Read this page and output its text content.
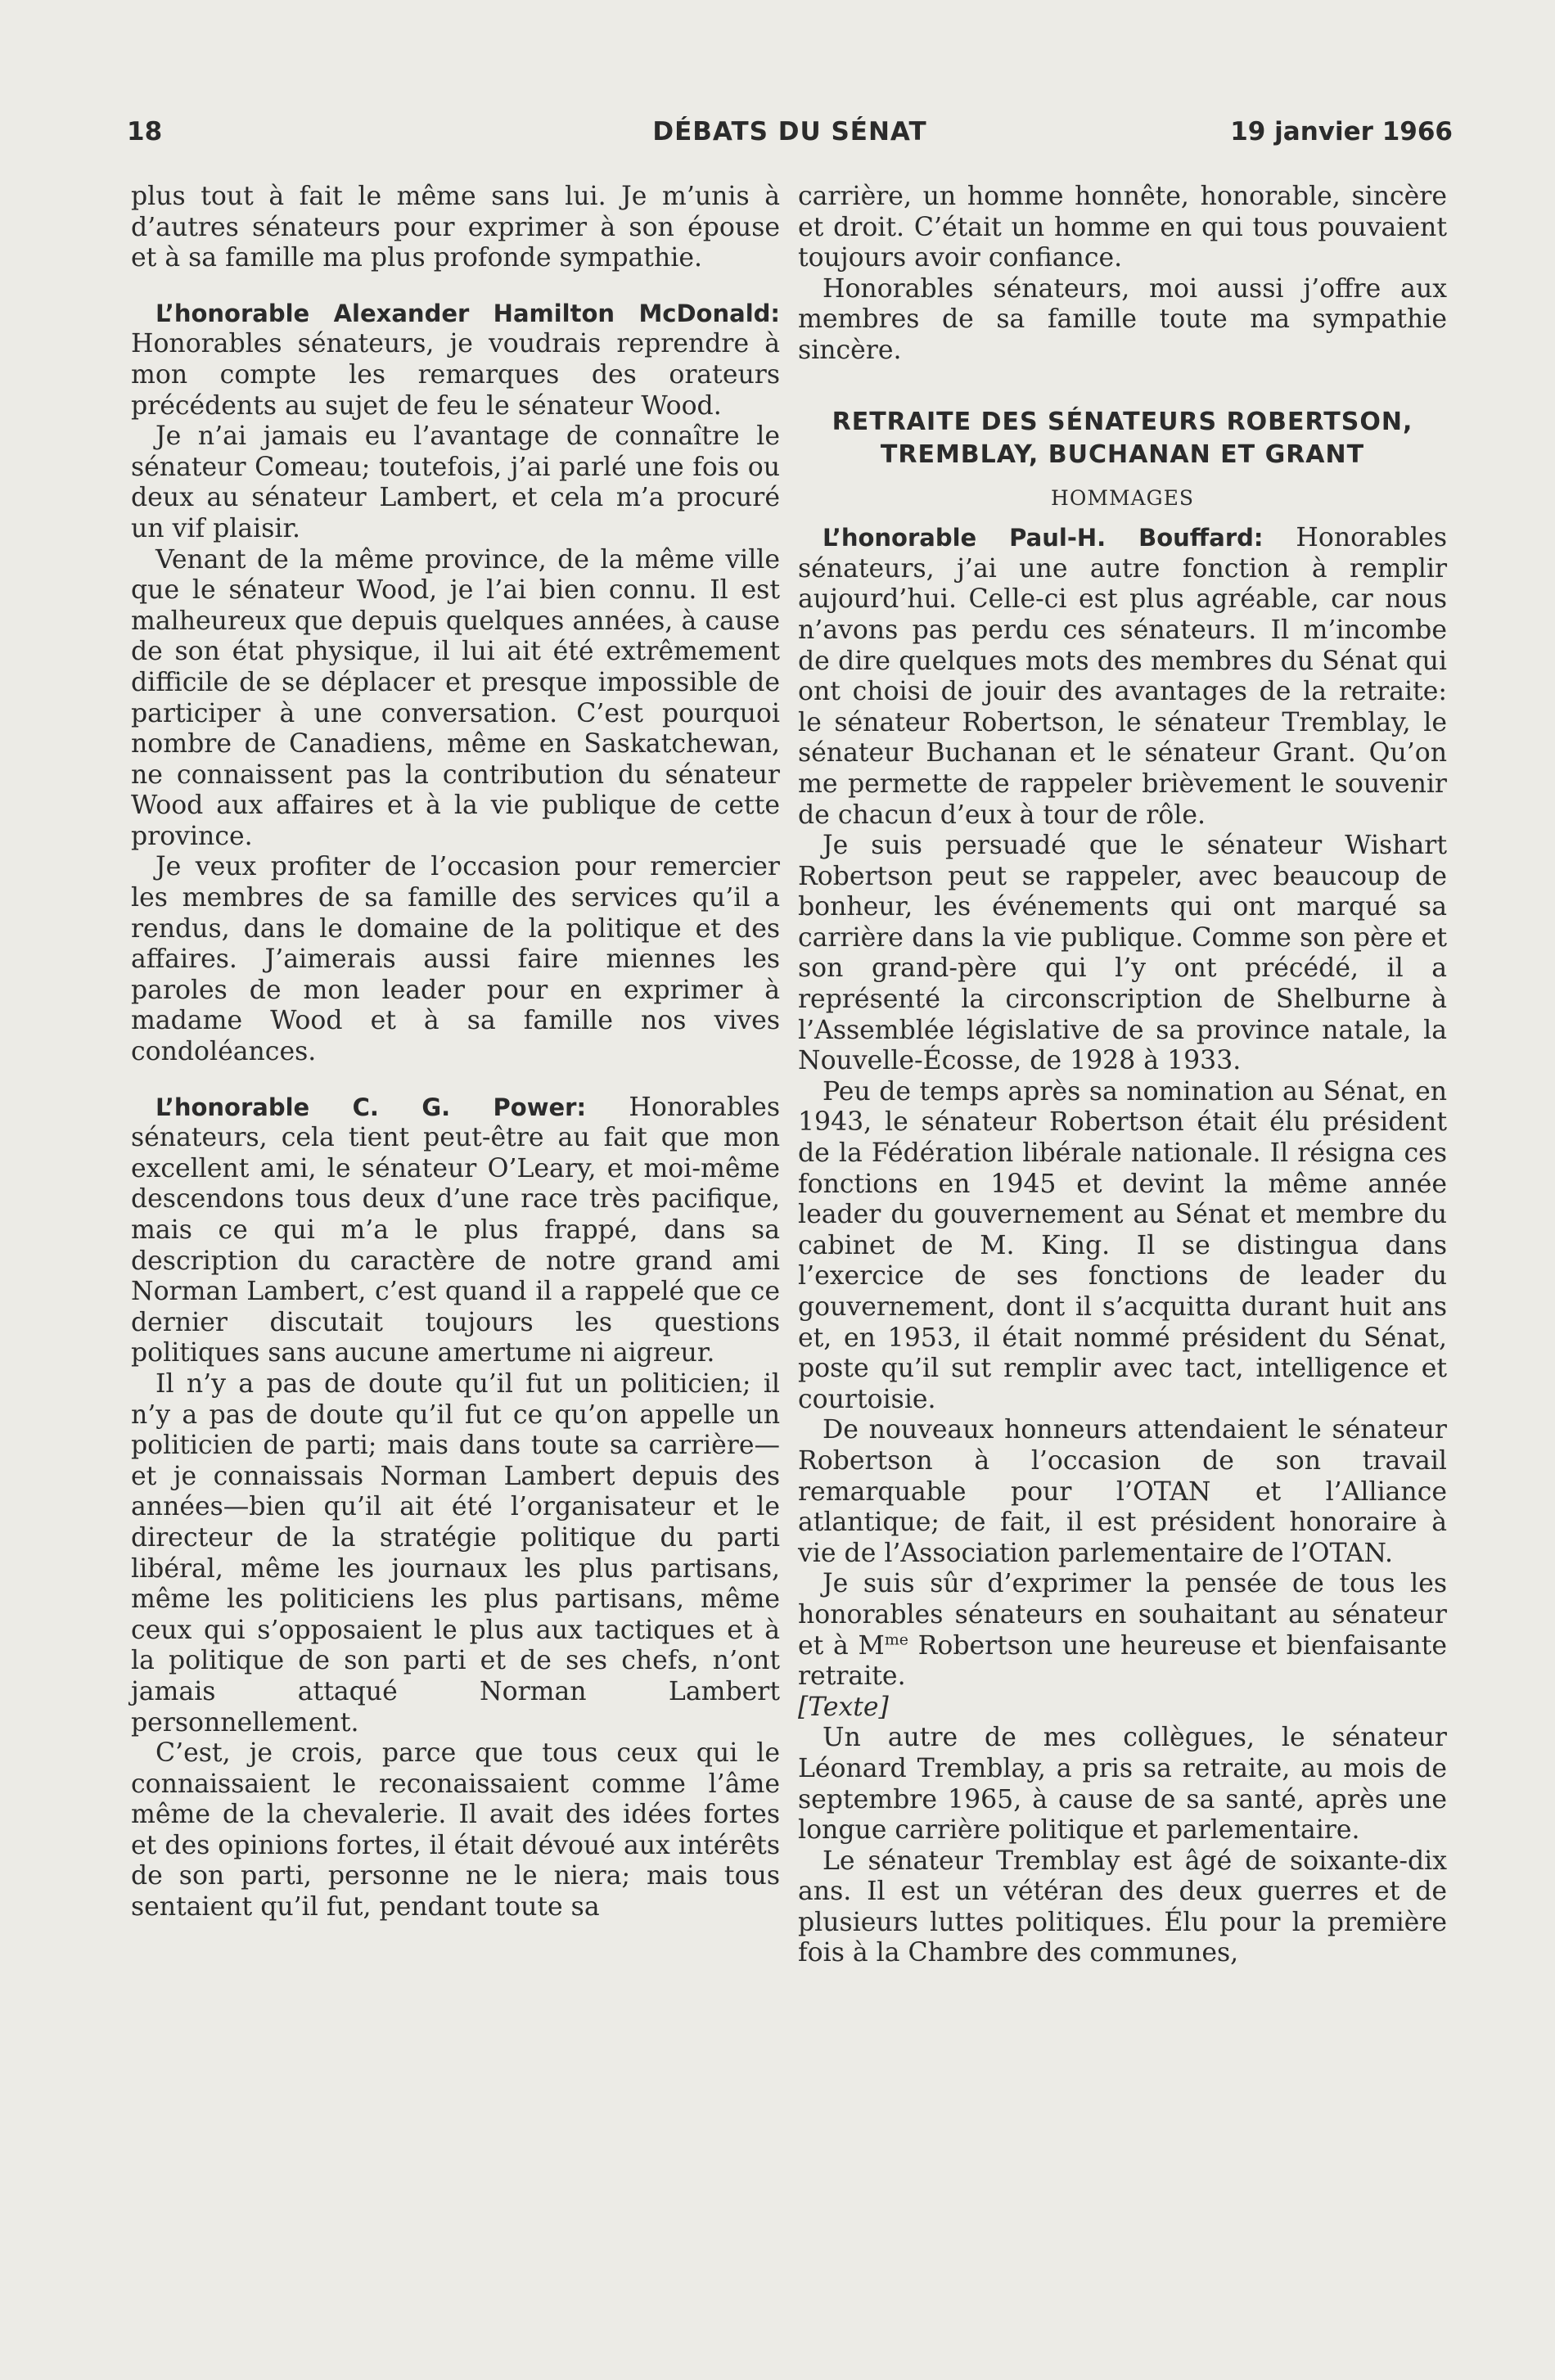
18	DÉBATS DU SÉNAT	19 janvier 1966

plus tout à fait le même sans lui. Je m’unis à d’autres sénateurs pour exprimer à son épouse et à sa famille ma plus profonde sympathie.

L’honorable Alexander Hamilton McDonald: Honorables sénateurs, je voudrais reprendre à mon compte les remarques des orateurs précédents au sujet de feu le sénateur Wood.

Je n’ai jamais eu l’avantage de connaître le sénateur Comeau; toutefois, j’ai parlé une fois ou deux au sénateur Lambert, et cela m’a procuré un vif plaisir.

Venant de la même province, de la même ville que le sénateur Wood, je l’ai bien connu. Il est malheureux que depuis quelques années, à cause de son état physique, il lui ait été extrêmement difficile de se déplacer et presque impossible de participer à une conversation. C’est pourquoi nombre de Canadiens, même en Saskatchewan, ne connaissent pas la contribution du sénateur Wood aux affaires et à la vie publique de cette province.

Je veux profiter de l’occasion pour remercier les membres de sa famille des services qu’il a rendus, dans le domaine de la politique et des affaires. J’aimerais aussi faire miennes les paroles de mon leader pour en exprimer à madame Wood et à sa famille nos vives condoléances.

L’honorable C. G. Power: Honorables sénateurs, cela tient peut-être au fait que mon excellent ami, le sénateur O’Leary, et moi-même descendons tous deux d’une race très pacifique, mais ce qui m’a le plus frappé, dans sa description du caractère de notre grand ami Norman Lambert, c’est quand il a rappelé que ce dernier discutait toujours les questions politiques sans aucune amertume ni aigreur.

Il n’y a pas de doute qu’il fut un politicien; il n’y a pas de doute qu’il fut ce qu’on appelle un politicien de parti; mais dans toute sa carrière—et je connaissais Norman Lambert depuis des années—bien qu’il ait été l’organisateur et le directeur de la stratégie politique du parti libéral, même les journaux les plus partisans, même les politiciens les plus partisans, même ceux qui s’opposaient le plus aux tactiques et à la politique de son parti et de ses chefs, n’ont jamais attaqué Norman Lambert personnellement.

C’est, je crois, parce que tous ceux qui le connaissaient le reconaissaient comme l’âme même de la chevalerie. Il avait des idées fortes et des opinions fortes, il était dévoué aux intérêts de son parti, personne ne le niera; mais tous sentaient qu’il fut, pendant toute sa

carrière, un homme honnête, honorable, sincère et droit. C’était un homme en qui tous pouvaient toujours avoir confiance.

Honorables sénateurs, moi aussi j’offre aux membres de sa famille toute ma sympathie sincère.

RETRAITE DES SÉNATEURS ROBERTSON,
TREMBLAY, BUCHANAN ET GRANT
HOMMAGES

L’honorable Paul-H. Bouffard: Honorables sénateurs, j’ai une autre fonction à remplir aujourd’hui. Celle-ci est plus agréable, car nous n’avons pas perdu ces sénateurs. Il m’incombe de dire quelques mots des membres du Sénat qui ont choisi de jouir des avantages de la retraite: le sénateur Robertson, le sénateur Tremblay, le sénateur Buchanan et le sénateur Grant. Qu’on me permette de rappeler brièvement le souvenir de chacun d’eux à tour de rôle.

Je suis persuadé que le sénateur Wishart Robertson peut se rappeler, avec beaucoup de bonheur, les événements qui ont marqué sa carrière dans la vie publique. Comme son père et son grand-père qui l’y ont précédé, il a représenté la circonscription de Shelburne à l’Assemblée législative de sa province natale, la Nouvelle-Écosse, de 1928 à 1933.

Peu de temps après sa nomination au Sénat, en 1943, le sénateur Robertson était élu président de la Fédération libérale nationale. Il résigna ces fonctions en 1945 et devint la même année leader du gouvernement au Sénat et membre du cabinet de M. King. Il se distingua dans l’exercice de ses fonctions de leader du gouvernement, dont il s’acquitta durant huit ans et, en 1953, il était nommé président du Sénat, poste qu’il sut remplir avec tact, intelligence et courtoisie.

De nouveaux honneurs attendaient le sénateur Robertson à l’occasion de son travail remarquable pour l’OTAN et l’Alliance atlantique; de fait, il est président honoraire à vie de l’Association parlementaire de l’OTAN.

Je suis sûr d’exprimer la pensée de tous les honorables sénateurs en souhaitant au sénateur et à $M^{me}$ Robertson une heureuse et bienfaisante retraite.

[Texte]

Un autre de mes collègues, le sénateur Léonard Tremblay, a pris sa retraite, au mois de septembre 1965, à cause de sa santé, après une longue carrière politique et parlementaire.

Le sénateur Tremblay est âgé de soixante-dix ans. Il est un vétéran des deux guerres et de plusieurs luttes politiques. Élu pour la première fois à la Chambre des communes,
